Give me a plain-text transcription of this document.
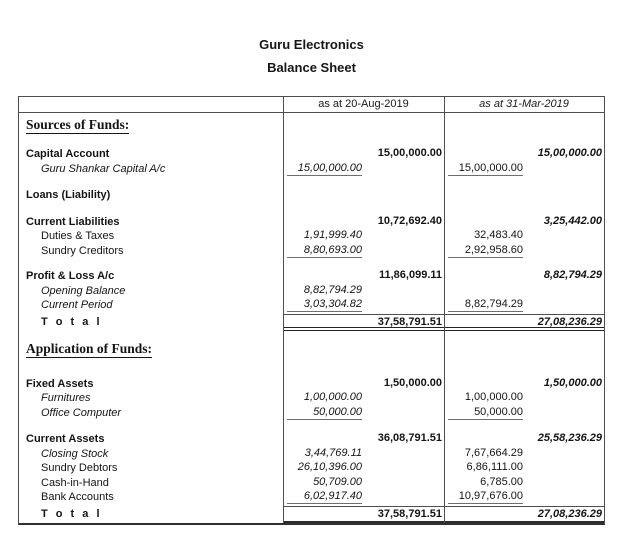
Guru Electronics
Balance Sheet
as at 20-Aug-2019	as at 31-Mar-2019
Sources of Funds:
Capital Account	15,00,000.00	15,00,000.00
Guru Shankar Capital A/c	15,00,000.00	15,00,000.00
Loans (Liability)
Current Liabilities	10,72,692.40	3,25,442.00
Duties & Taxes	1,91,999.40	32,483.40
Sundry Creditors	8,80,693.00	2,92,958.60
Profit & Loss A/c	11,86,099.11	8,82,794.29
Opening Balance	8,82,794.29
Current Period	3,03,304.82	8,82,794.29
T o t a l	37,58,791.51	27,08,236.29
Application of Funds:
Fixed Assets	1,50,000.00	1,50,000.00
Furnitures	1,00,000.00	1,00,000.00
Office Computer	50,000.00	50,000.00
Current Assets	36,08,791.51	25,58,236.29
Closing Stock	3,44,769.11	7,67,664.29
Sundry Debtors	26,10,396.00	6,86,111.00
Cash-in-Hand	50,709.00	6,785.00
Bank Accounts	6,02,917.40	10,97,676.00
T o t a l	37,58,791.51	27,08,236.29
